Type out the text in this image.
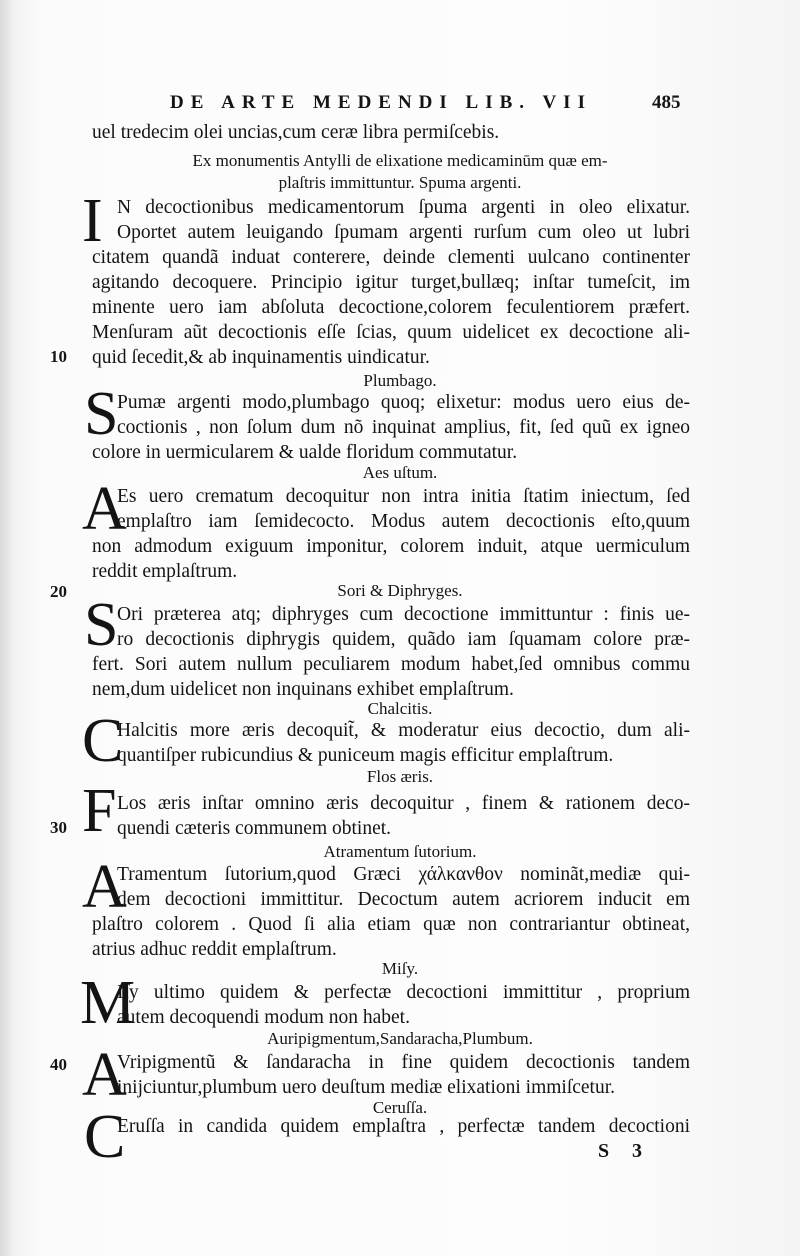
DE ARTE MEDENDI LIB. VII	485
uel tredecim olei uncias,cum ceræ libra permiſcebis.
Ex monumentis Antylli de elixatione medicaminūm quæ em-
plaſtris immittuntur. Spuma argenti.
I N decoctionibus medicamentorum ſpuma argenti in oleo elixatur.
Oportet autem leuigando ſpumam argenti rurſum cum oleo ut lubri
citatem quandã induat conterere, deinde clementi uulcano continenter
agitando decoquere. Principio igitur turget,bullæq; inſtar tumeſcit, im
minente uero iam abſoluta decoctione,colorem feculentiorem præfert.
Menſuram aũt decoctionis eſſe ſcias, quum uidelicet ex decoctione ali-
quid ſecedit,& ab inquinamentis uindicatur.
10
Plumbago.
S
Pumæ argenti modo,plumbago quoq; elixetur: modus uero eius de-
coctionis , non ſolum dum nõ inquinat amplius, fit, ſed quũ ex igneo
colore in uermicularem & ualde floridum commutatur.
Aes uſtum.
A
Es uero crematum decoquitur non intra initia ſtatim iniectum, ſed
emplaſtro iam ſemidecocto. Modus autem decoctionis eſto,quum
non admodum exiguum imponitur, colorem induit, atque uermiculum
reddit emplaſtrum.
20	Sori & Diphryges.
S
Ori præterea atq; diphryges cum decoctione immittuntur : finis ue-
ro decoctionis diphrygis quidem, quãdo iam ſquamam colore præ-
fert. Sori autem nullum peculiarem modum habet,ſed omnibus commu
nem,dum uidelicet non inquinans exhibet emplaſtrum.
Chalcitis.
C
Halcitis more æris decoquit̃, & moderatur eius decoctio, dum ali-
quantiſper rubicundius & puniceum magis efficitur emplaſtrum.
Flos æris.
F Los æris inſtar omnino æris decoquitur , finem & rationem deco-
quendi cæteris communem obtinet.
30
Atramentum ſutorium.
A
Tramentum ſutorium,quod Græci χάλκανθον nominãt,mediæ qui-
dem decoctioni immittitur. Decoctum autem acriorem inducit em
plaſtro colorem . Quod ſi alia etiam quæ non contrariantur obtineat,
atrius adhuc reddit emplaſtrum.
Miſy.
M
Iſy ultimo quidem & perfectæ decoctioni immittitur , proprium
autem decoquendi modum non habet.
Auripigmentum,Sandaracha,Plumbum.
40 A
Vripigmentũ & ſandaracha in fine quidem decoctionis tandem
inijciuntur,plumbum uero deuſtum mediæ elixationi immiſcetur.
Ceruſſa.
C
Eruſſa in candida quidem emplaſtra , perfectæ tandem decoctioni
S 3
